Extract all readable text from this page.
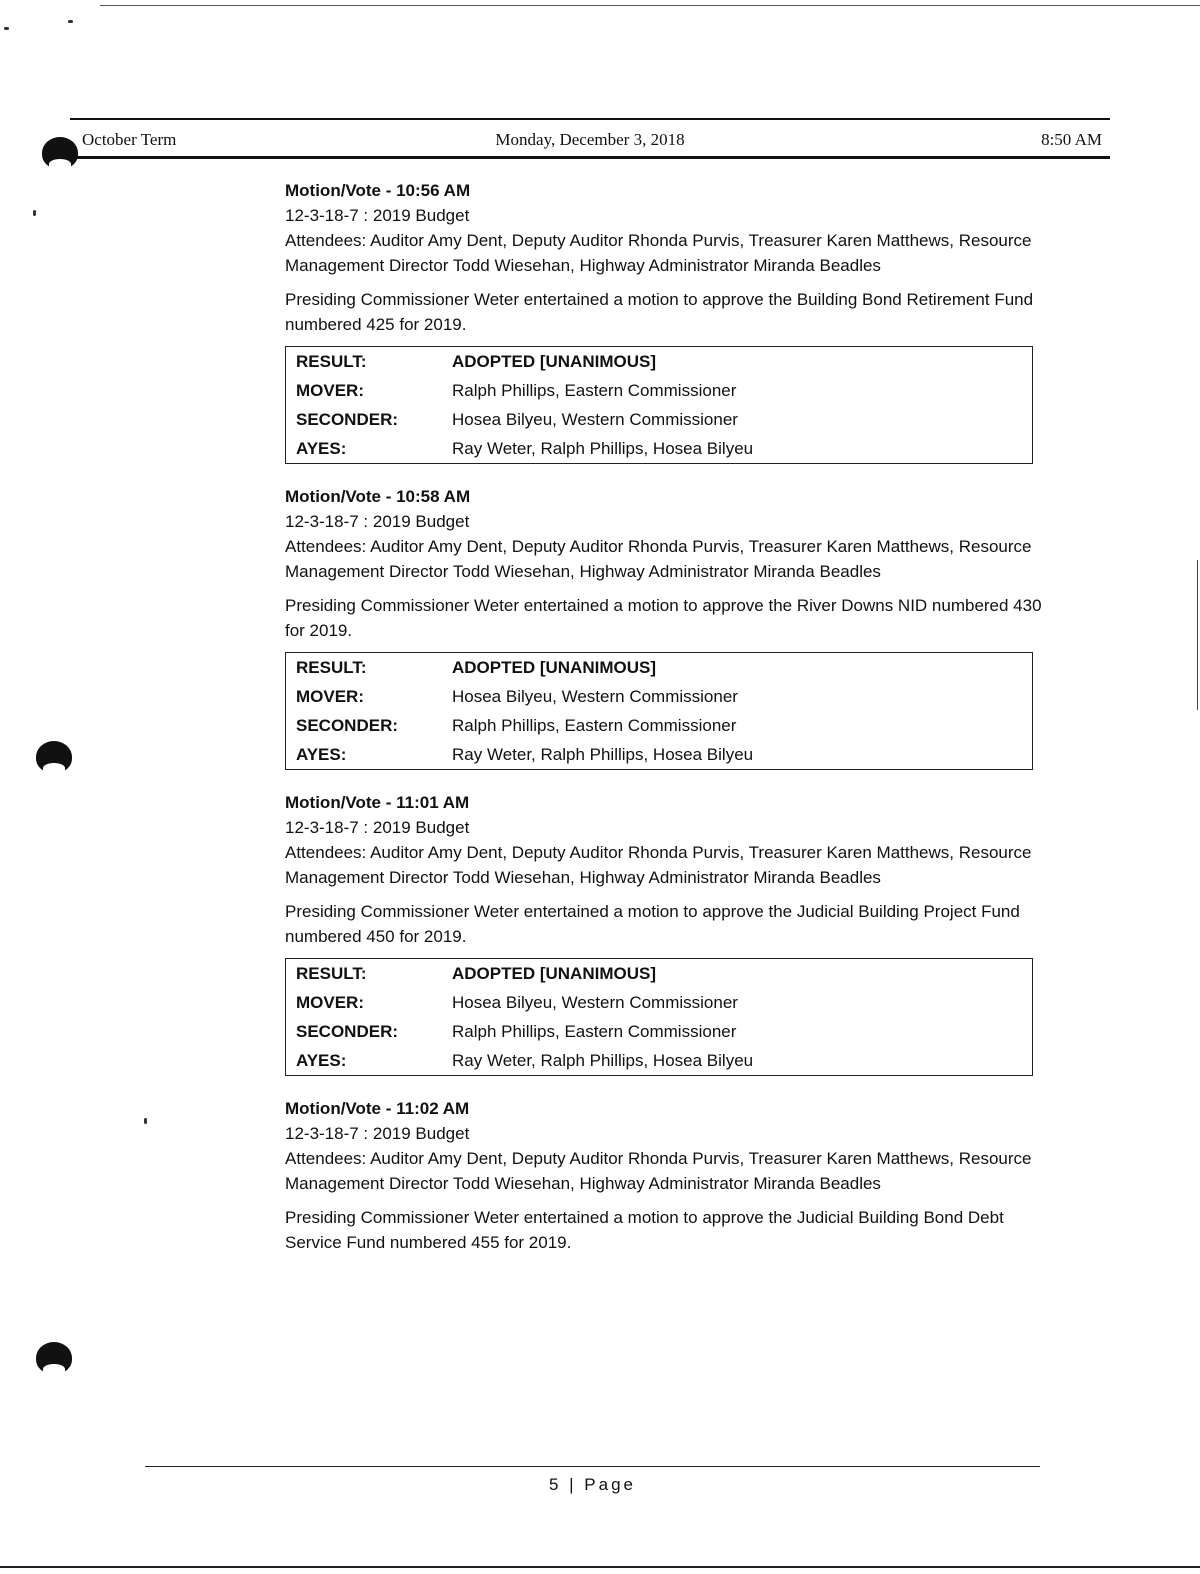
October Term	Monday, December 3, 2018	8:50 AM
Motion/Vote - 10:56 AM
12-3-18-7 : 2019 Budget
Attendees: Auditor Amy Dent, Deputy Auditor Rhonda Purvis, Treasurer Karen Matthews, Resource Management Director Todd Wiesehan, Highway Administrator Miranda Beadles
Presiding Commissioner Weter entertained a motion to approve the Building Bond Retirement Fund numbered 425 for 2019.
RESULT:	ADOPTED [UNANIMOUS]
MOVER:	Ralph Phillips, Eastern Commissioner
SECONDER:	Hosea Bilyeu, Western Commissioner
AYES:	Ray Weter, Ralph Phillips, Hosea Bilyeu
Motion/Vote - 10:58 AM
12-3-18-7 : 2019 Budget
Attendees: Auditor Amy Dent, Deputy Auditor Rhonda Purvis, Treasurer Karen Matthews, Resource Management Director Todd Wiesehan, Highway Administrator Miranda Beadles
Presiding Commissioner Weter entertained a motion to approve the River Downs NID numbered 430 for 2019.
RESULT:	ADOPTED [UNANIMOUS]
MOVER:	Hosea Bilyeu, Western Commissioner
SECONDER:	Ralph Phillips, Eastern Commissioner
AYES:	Ray Weter, Ralph Phillips, Hosea Bilyeu
Motion/Vote - 11:01 AM
12-3-18-7 : 2019 Budget
Attendees: Auditor Amy Dent, Deputy Auditor Rhonda Purvis, Treasurer Karen Matthews, Resource Management Director Todd Wiesehan, Highway Administrator Miranda Beadles
Presiding Commissioner Weter entertained a motion to approve the Judicial Building Project Fund numbered 450 for 2019.
RESULT:	ADOPTED [UNANIMOUS]
MOVER:	Hosea Bilyeu, Western Commissioner
SECONDER:	Ralph Phillips, Eastern Commissioner
AYES:	Ray Weter, Ralph Phillips, Hosea Bilyeu
Motion/Vote - 11:02 AM
12-3-18-7 : 2019 Budget
Attendees: Auditor Amy Dent, Deputy Auditor Rhonda Purvis, Treasurer Karen Matthews, Resource Management Director Todd Wiesehan, Highway Administrator Miranda Beadles
Presiding Commissioner Weter entertained a motion to approve the Judicial Building Bond Debt Service Fund numbered 455 for 2019.
5 | Page
